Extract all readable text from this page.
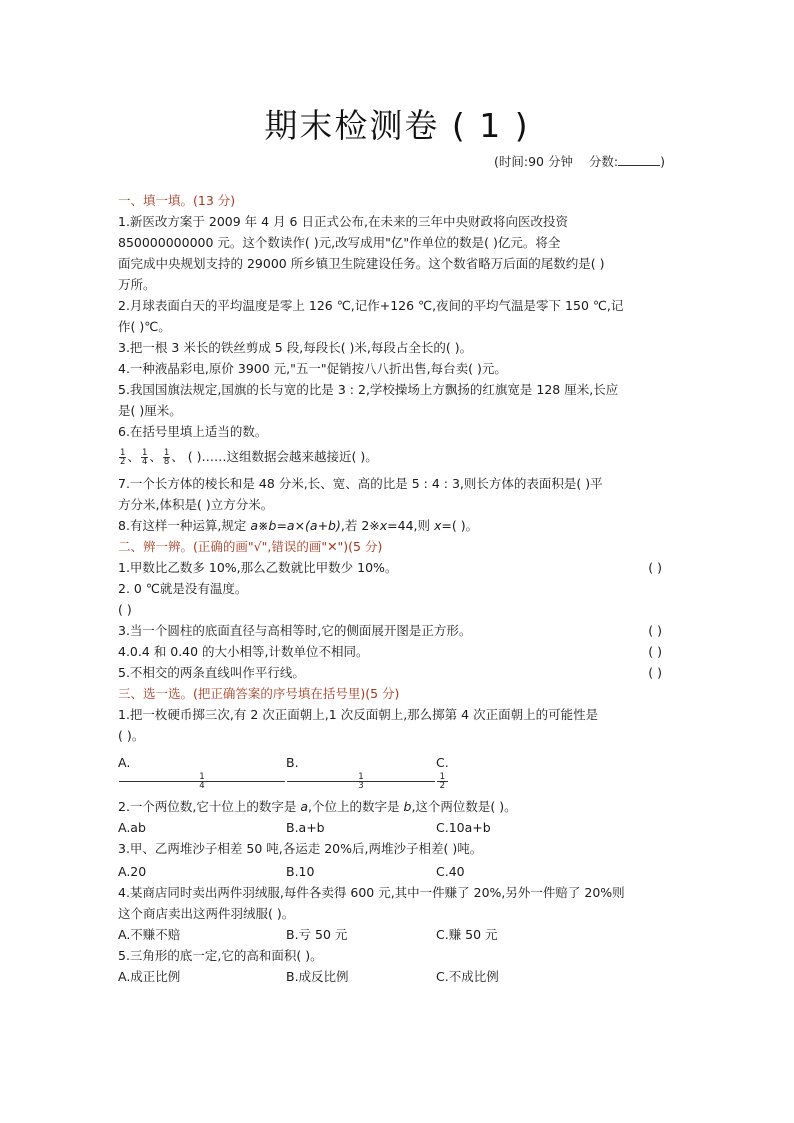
期末检测卷 ( 1 )
(时间:90 分钟 分数:	)
一、填一填。(13 分)
1.新医改方案于 2009 年 4 月 6 日正式公布,在未来的三年中央财政将向医改投资
850000000000 元。这个数读作( )元,改写成用"亿"作单位的数是( )亿元。将全
面完成中央规划支持的 29000 所乡镇卫生院建设任务。这个数省略万后面的尾数约是( )
万所。
2.月球表面白天的平均温度是零上 126 ℃,记作+126 ℃,夜间的平均气温是零下 150 ℃,记
作( )℃。
3.把一根 3 米长的铁丝剪成 5 段,每段长( )米,每段占全长的( )。
4.一种液晶彩电,原价 3900 元,"五一"促销按八八折出售,每台卖( )元。
5.我国国旗法规定,国旗的长与宽的比是 3 : 2,学校操场上方飘扬的红旗宽是 128 厘米,长应
是( )厘米。
6.在括号里填上适当的数。
$\frac{1}{2}$ 、 $\frac{1}{4}$ 、 $\frac{1}{8}$ 、 ( )……这组数据会越来越接近( )。
7.一个长方体的棱长和是 48 分米,长、宽、高的比是 5 : 4 : 3,则长方体的表面积是( )平
方分米,体积是( )立方分米。
8.有这样一种运算,规定 a※b=a×(a+b),若 2※x=44,则 x=( )。
二、辨一辨。(正确的画"√",错误的画"✕")(5 分)
1.甲数比乙数多 10%,那么乙数就比甲数少 10%。	( )
2. 0 ℃就是没有温度。
( )
3.当一个圆柱的底面直径与高相等时,它的侧面展开图是正方形。	( )
4.0.4 和 0.40 的大小相等,计数单位不相同。	( )
5.不相交的两条直线叫作平行线。	( )
三、选一选。(把正确答案的序号填在括号里)(5 分)
1.把一枚硬币掷三次,有 2 次正面朝上,1 次反面朝上,那么掷第 4 次正面朝上的可能性是
( )。
A.
1
4
B.
1
3
C.
1
2
2.一个两位数,它十位上的数字是 a,个位上的数字是 b,这个两位数是( )。
A.ab	B.a+b	C.10a+b
3.甲、乙两堆沙子相差 50 吨,各运走 20%后,两堆沙子相差( )吨。
A.20	B.10	C.40
4.某商店同时卖出两件羽绒服,每件各卖得 600 元,其中一件赚了 20%,另外一件赔了 20%则
这个商店卖出这两件羽绒服( )。
A.不赚不赔	B.亏 50 元	C.赚 50 元
5.三角形的底一定,它的高和面积( )。
A.成正比例	B.成反比例	C.不成比例
